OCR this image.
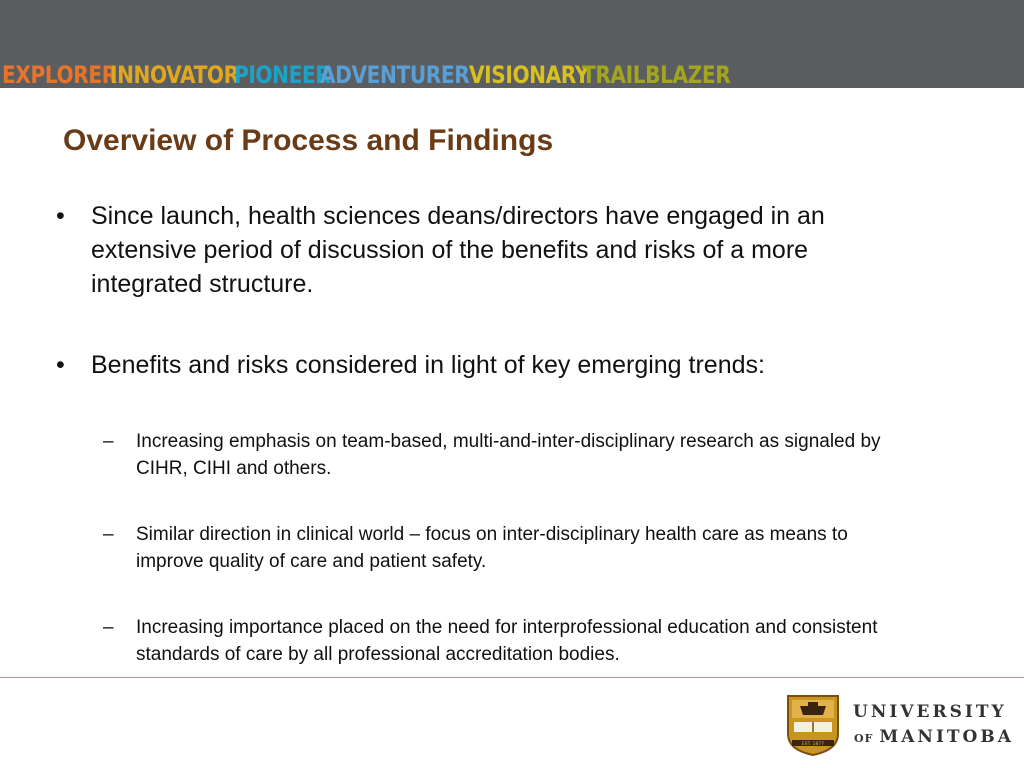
EXPLORER
INNOVATOR
PIONEER
ADVENTURER VISIONARY
TRAILBLAZER
Overview of Process and Findings
•	Since launch, health sciences deans/directors have engaged in an extensive period of discussion of the benefits and risks of a more integrated structure.
•	Benefits and risks considered in light of key emerging trends:
–	Increasing emphasis on team-based, multi-and-inter-disciplinary research as signaled by CIHR, CIHI and others.
–	Similar direction in clinical world – focus on inter-disciplinary health care as means to improve quality of care and patient safety.
–	Increasing importance placed on the need for interprofessional education and consistent standards of care by all professional accreditation bodies.
EST. 1877
UNIVERSITY
OF MANITOBA
